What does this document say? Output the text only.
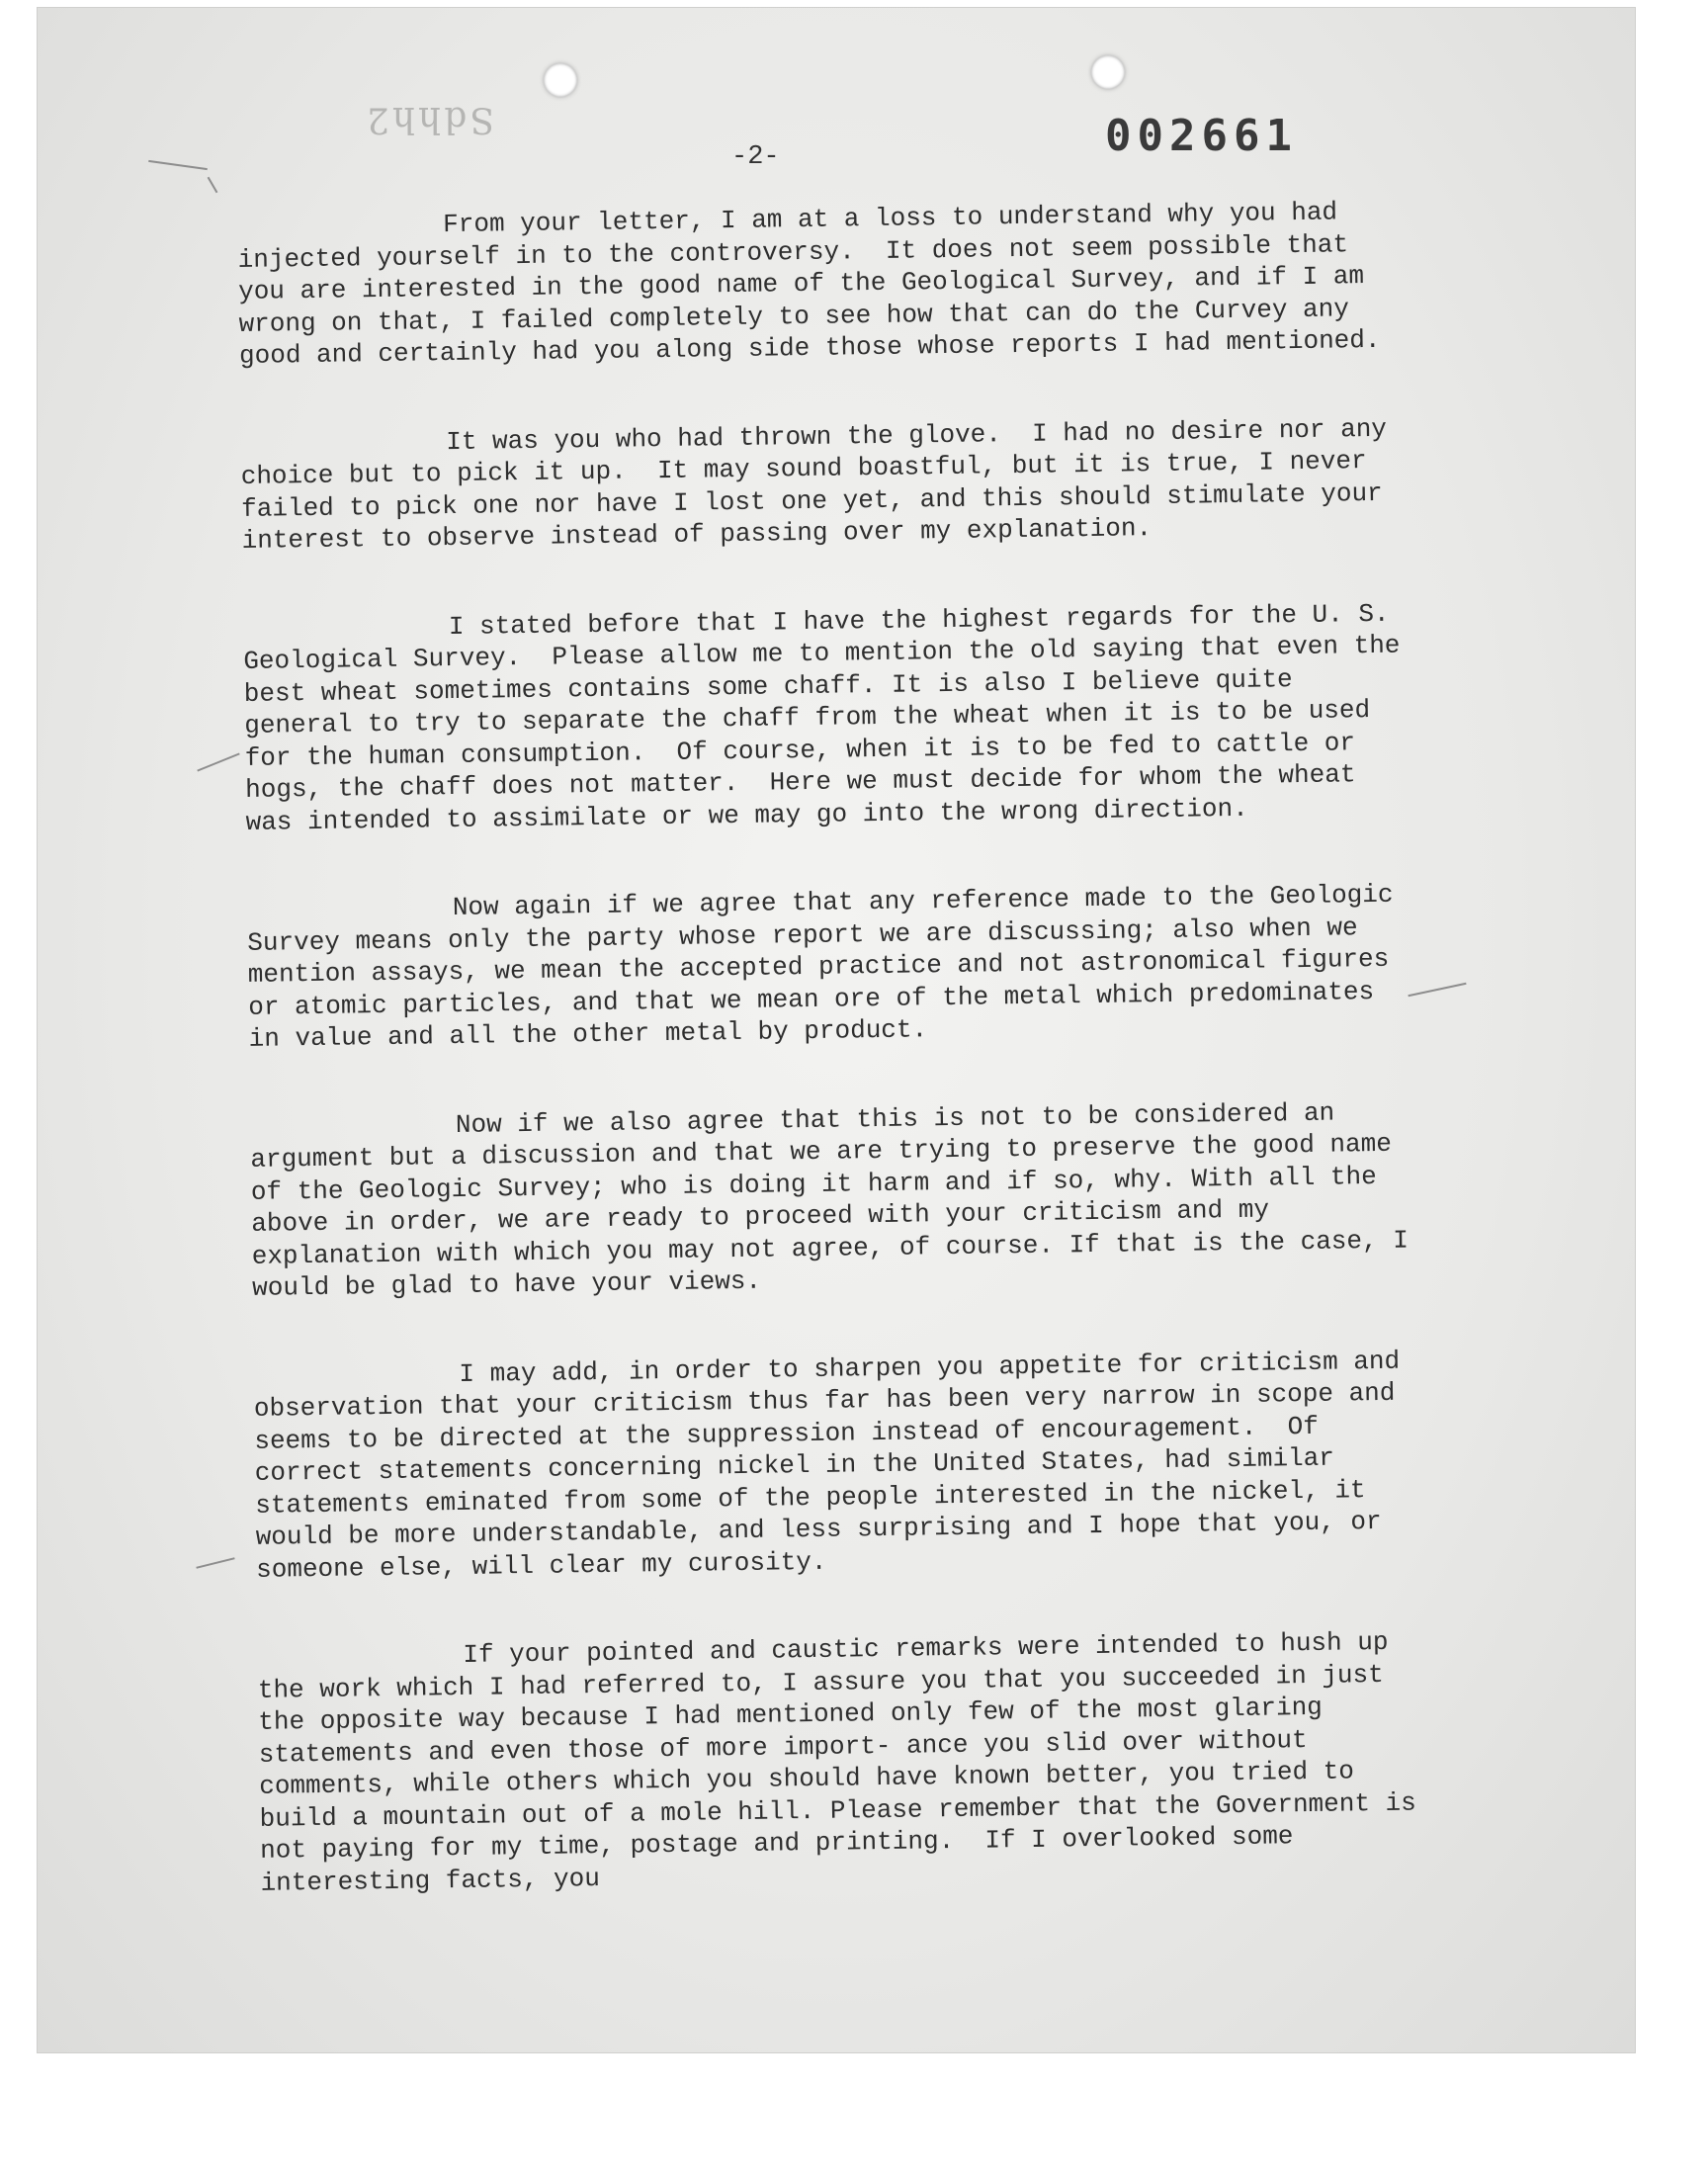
Sdhh2	002661
-2-

From your letter, I am at a loss to understand why you had injected yourself in to the controversy.  It does not seem possible that you are interested in the good name of the Geological Survey, and if I am wrong on that, I failed completely to see how that can do the Curvey any good and certainly had you along side those whose reports I had mentioned.

It was you who had thrown the glove.  I had no desire nor any choice but to pick it up.  It may sound boastful, but it is true, I never failed to pick one nor have I lost one yet, and this should stimulate your interest to observe instead of passing over my explanation.

I stated before that I have the highest regards for the U. S. Geological Survey.  Please allow me to mention the old saying that even the best wheat sometimes contains some chaff. It is also I believe quite general to try to separate the chaff from the wheat when it is to be used for the human consumption.  Of course, when it is to be fed to cattle or hogs, the chaff does not matter.  Here we must decide for whom the wheat was intended to assimilate or we may go into the wrong direction.

Now again if we agree that any reference made to the Geologic Survey means only the party whose report we are discussing; also when we mention assays, we mean the accepted practice and not astronomical figures or atomic particles, and that we mean ore of the metal which predominates in value and all the other metal by product.

Now if we also agree that this is not to be considered an argument but a discussion and that we are trying to preserve the good name of the Geologic Survey; who is doing it harm and if so, why. With all the above in order, we are ready to proceed with your criticism and my explanation with which you may not agree, of course. If that is the case, I would be glad to have your views.

I may add, in order to sharpen you appetite for criticism and observation that your criticism thus far has been very narrow in scope and seems to be directed at the suppression instead of encouragement.  Of correct statements concerning nickel in the United States, had similar statements eminated from some of the people interested in the nickel, it would be more understandable, and less surprising and I hope that you, or someone else, will clear my curosity.

If your pointed and caustic remarks were intended to hush up the work which I had referred to, I assure you that you succeeded in just the opposite way because I had mentioned only few of the most glaring statements and even those of more import- ance you slid over without comments, while others which you should have known better, you tried to build a mountain out of a mole hill. Please remember that the Government is not paying for my time, postage and printing.  If I overlooked some interesting facts, you
